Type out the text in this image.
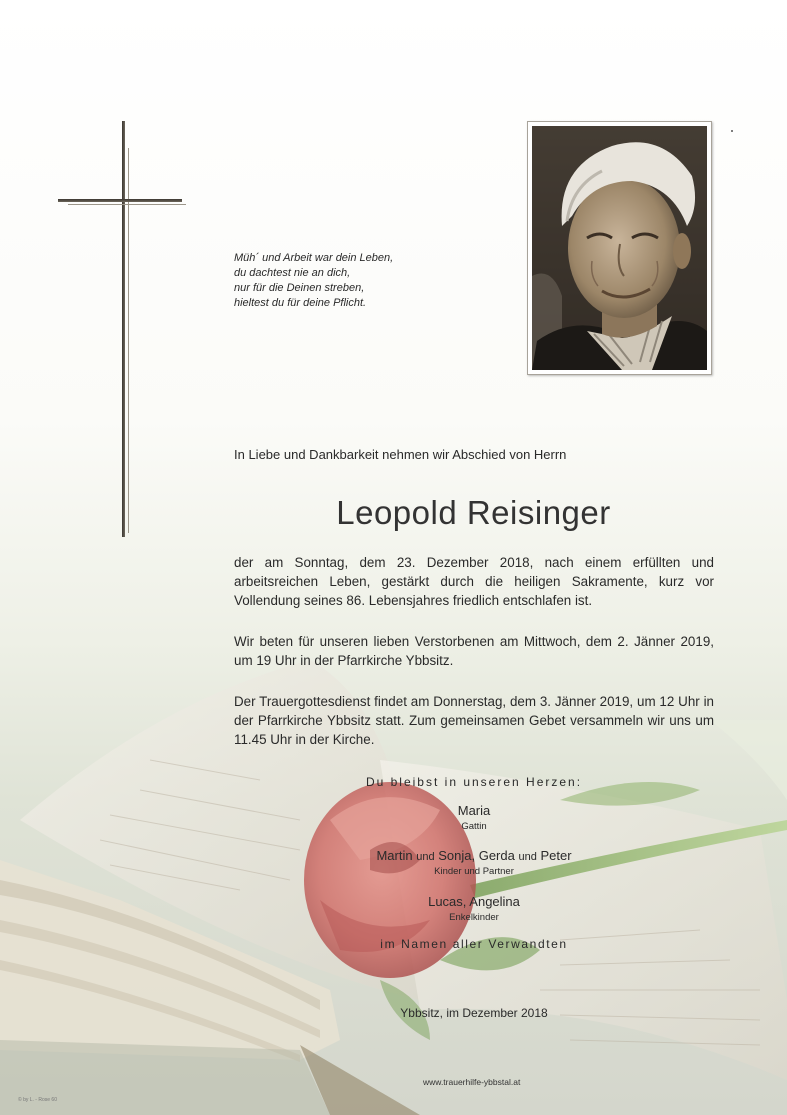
Müh´ und Arbeit war dein Leben,
du dachtest nie an dich,
nur für die Deinen streben,
hieltest du für deine Pflicht.
In Liebe und Dankbarkeit nehmen wir Abschied von Herrn
Leopold Reisinger
der am Sonntag, dem 23. Dezember 2018, nach einem erfüllten und arbeitsreichen Leben, gestärkt durch die heiligen Sakramente, kurz vor Vollendung seines 86. Lebensjahres friedlich entschlafen ist.
Wir beten für unseren lieben Verstorbenen am Mittwoch, dem 2. Jänner 2019, um 19 Uhr in der Pfarrkirche Ybbsitz.
Der Trauergottesdienst findet am Donnerstag, dem 3. Jänner 2019, um 12 Uhr in der Pfarrkirche Ybbsitz statt. Zum gemeinsamen Gebet versammeln wir uns um 11.45 Uhr in der Kirche.
Du bleibst in unseren Herzen:
Maria
Gattin
Martin und Sonja, Gerda und Peter
Kinder und Partner
Lucas, Angelina
Enkelkinder
im Namen aller Verwandten
Ybbsitz, im Dezember 2018
www.trauerhilfe-ybbstal.at
© by L. - Rose 60
